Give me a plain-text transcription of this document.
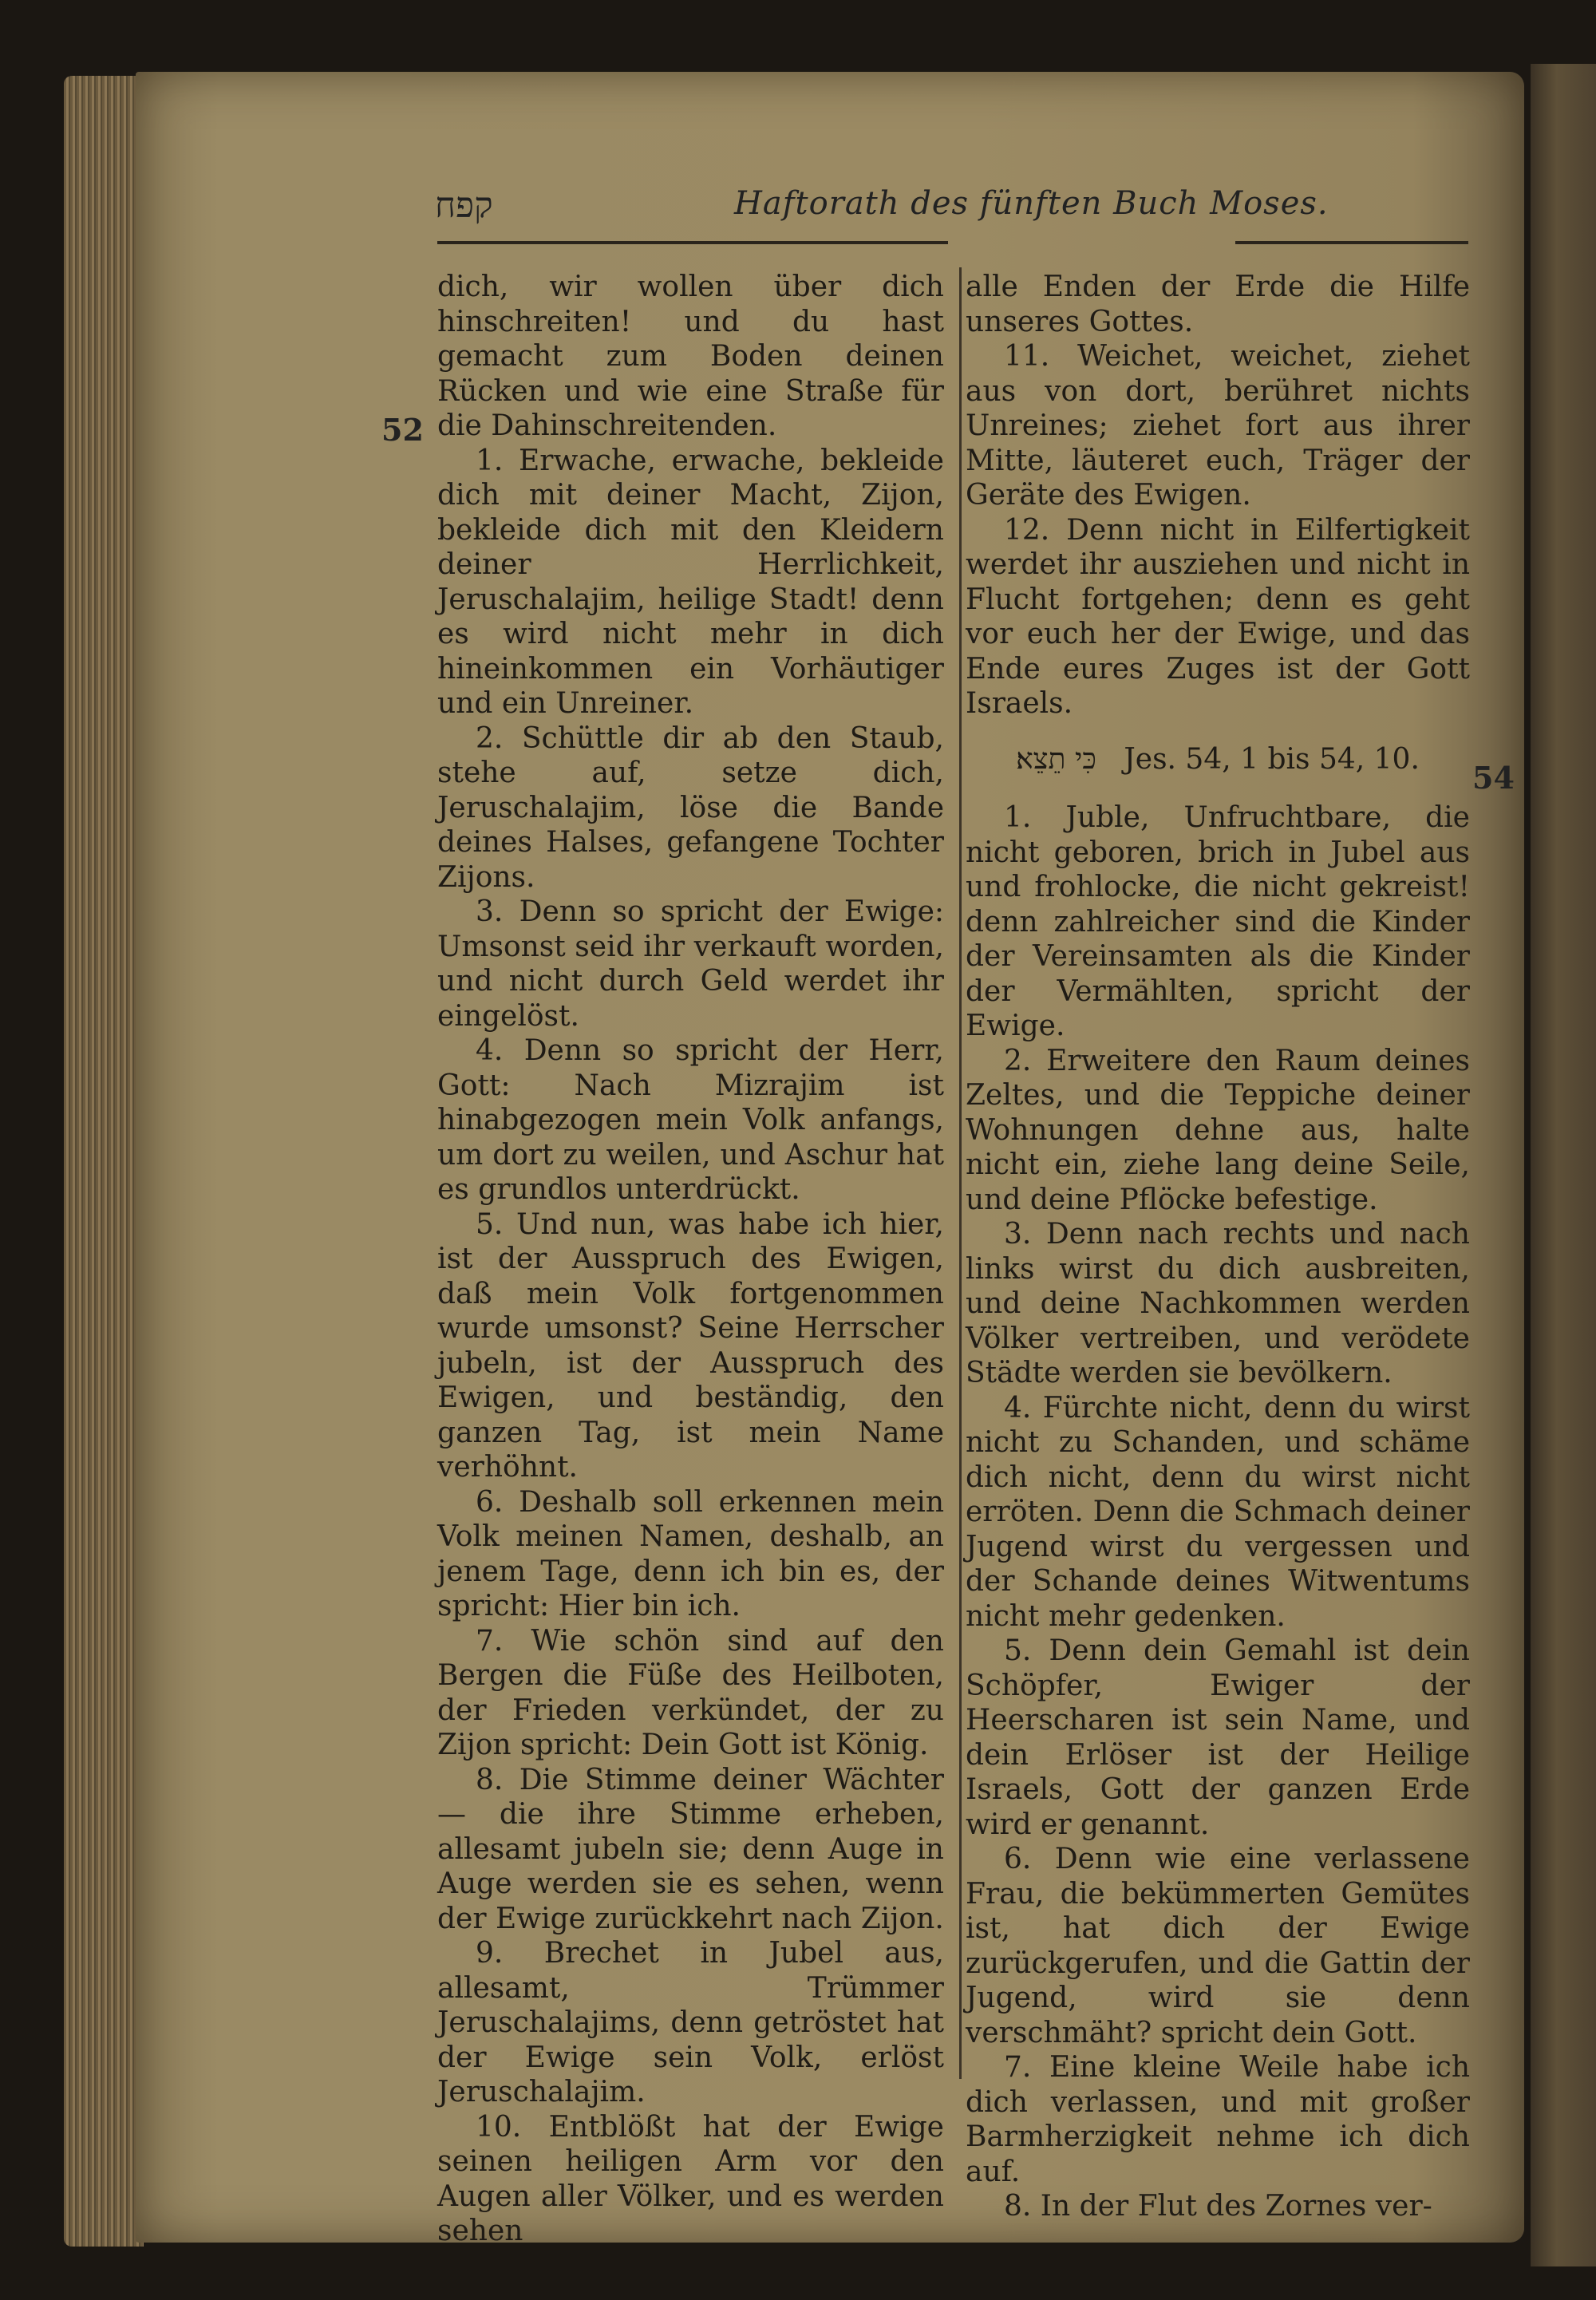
קפח	Haftorath des fünften Buch Moses.
52
54

dich, wir wollen über dich hinschreiten! und du hast gemacht zum Boden deinen Rücken und wie eine Straße für die Dahinschreitenden.

1. Erwache, erwache, bekleide dich mit deiner Macht, Zijon, bekleide dich mit den Kleidern deiner Herrlichkeit, Jeruschalajim, heilige Stadt! denn es wird nicht mehr in dich hineinkommen ein Vorhäutiger und ein Unreiner.

2. Schüttle dir ab den Staub, stehe auf, setze dich, Jeruschalajim, löse die Bande deines Halses, gefangene Tochter Zijons.

3. Denn so spricht der Ewige: Umsonst seid ihr verkauft worden, und nicht durch Geld werdet ihr eingelöst.

4. Denn so spricht der Herr, Gott: Nach Mizrajim ist hinabgezogen mein Volk anfangs, um dort zu weilen, und Aschur hat es grundlos unterdrückt.

5. Und nun, was habe ich hier, ist der Ausspruch des Ewigen, daß mein Volk fortgenommen wurde umsonst? Seine Herrscher jubeln, ist der Ausspruch des Ewigen, und beständig, den ganzen Tag, ist mein Name verhöhnt.

6. Deshalb soll erkennen mein Volk meinen Namen, deshalb, an jenem Tage, denn ich bin es, der spricht: Hier bin ich.

7. Wie schön sind auf den Bergen die Füße des Heilboten, der Frieden verkündet, der zu Zijon spricht: Dein Gott ist König.

8. Die Stimme deiner Wächter — die ihre Stimme erheben, allesamt jubeln sie; denn Auge in Auge werden sie es sehen, wenn der Ewige zurückkehrt nach Zijon.

9. Brechet in Jubel aus, allesamt, Trümmer Jeruschalajims, denn getröstet hat der Ewige sein Volk, erlöst Jeruschalajim.

10. Entblößt hat der Ewige seinen heiligen Arm vor den Augen aller Völker, und es werden sehen

alle Enden der Erde die Hilfe unseres Gottes.

11. Weichet, weichet, ziehet aus von dort, berühret nichts Unreines; ziehet fort aus ihrer Mitte, läuteret euch, Träger der Geräte des Ewigen.

12. Denn nicht in Eilfertigkeit werdet ihr ausziehen und nicht in Flucht fortgehen; denn es geht vor euch her der Ewige, und das Ende eures Zuges ist der Gott Israels.

כִּי תֵצֵא׃ Jes. 54, 1 bis 54, 10.

1. Juble, Unfruchtbare, die nicht geboren, brich in Jubel aus und frohlocke, die nicht gekreist! denn zahlreicher sind die Kinder der Vereinsamten als die Kinder der Vermählten, spricht der Ewige.

2. Erweitere den Raum deines Zeltes, und die Teppiche deiner Wohnungen dehne aus, halte nicht ein, ziehe lang deine Seile, und deine Pflöcke befestige.

3. Denn nach rechts und nach links wirst du dich ausbreiten, und deine Nachkommen werden Völker vertreiben, und verödete Städte werden sie bevölkern.

4. Fürchte nicht, denn du wirst nicht zu Schanden, und schäme dich nicht, denn du wirst nicht erröten. Denn die Schmach deiner Jugend wirst du vergessen und der Schande deines Witwentums nicht mehr gedenken.

5. Denn dein Gemahl ist dein Schöpfer, Ewiger der Heerscharen ist sein Name, und dein Erlöser ist der Heilige Israels, Gott der ganzen Erde wird er genannt.

6. Denn wie eine verlassene Frau, die bekümmerten Gemütes ist, hat dich der Ewige zurückgerufen, und die Gattin der Jugend, wird sie denn verschmäht? spricht dein Gott.

7. Eine kleine Weile habe ich dich verlassen, und mit großer Barmherzigkeit nehme ich dich auf.

8. In der Flut des Zornes ver-
